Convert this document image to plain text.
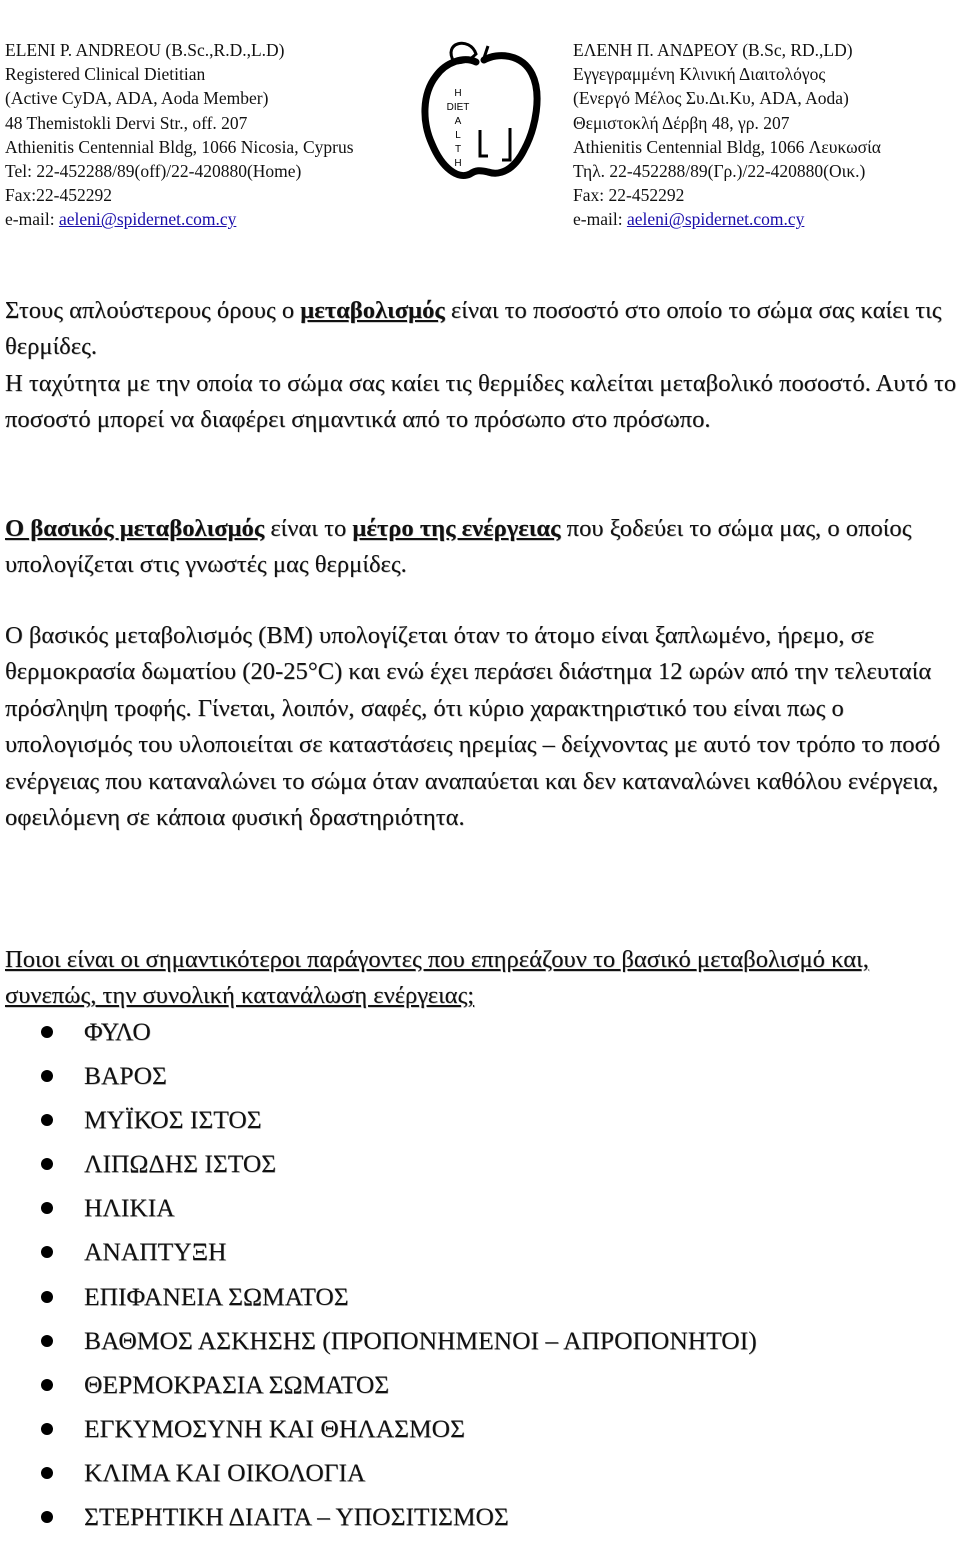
ELENI P. ANDREOU (B.Sc.,R.D.,L.D)
Registered Clinical Dietitian
(Active CyDA, ADA, Aoda Member)
48 Themistokli Dervi Str., off. 207
Athienitis Centennial Bldg, 1066 Nicosia, Cyprus
Tel: 22-452288/89(off)/22-420880(Home)
Fax:22-452292
e-mail: aeleni@spidernet.com.cy
ΕΛΕΝΗ Π. ΑΝΔΡΕΟΥ (B.Sc, RD.,LD)
Εγγεγραμμένη Κλινική Διαιτολόγος
(Ενεργό Μέλος Συ.Δι.Κυ, ADA, Aoda)
Θεμιστοκλή Δέρβη 48, γρ. 207
Athienitis Centennial Bldg, 1066 Λευκωσία
Τηλ. 22-452288/89(Γρ.)/22-420880(Οικ.)
Fax: 22-452292
e-mail: aeleni@spidernet.com.cy
H
DIET
A
L
T
H

Στους απλούστερους όρους ο μεταβολισμός είναι το ποσοστό στο οποίο το σώμα σας καίει τις θερμίδες.

Η ταχύτητα με την οποία το σώμα σας καίει τις θερμίδες καλείται μεταβολικό ποσοστό. Αυτό το ποσοστό μπορεί να διαφέρει σημαντικά από το πρόσωπο στο πρόσωπο.

Ο βασικός μεταβολισμός είναι το μέτρο της ενέργειας που ξοδεύει το σώμα μας, ο οποίος υπολογίζεται στις γνωστές μας θερμίδες.

Ο βασικός μεταβολισμός (ΒΜ) υπολογίζεται όταν το άτομο είναι ξαπλωμένο, ήρεμο, σε θερμοκρασία δωματίου (20-25°C) και ενώ έχει περάσει διάστημα 12 ωρών από την τελευταία πρόσληψη τροφής. Γίνεται, λοιπόν, σαφές, ότι κύριο χαρακτηριστικό του είναι πως ο υπολογισμός του υλοποιείται σε καταστάσεις ηρεμίας – δείχνοντας με αυτό τον τρόπο το ποσό ενέργειας που καταναλώνει το σώμα όταν αναπαύεται και δεν καταναλώνει καθόλου ενέργεια, οφειλόμενη σε κάποια φυσική δραστηριότητα.

Ποιοι είναι οι σημαντικότεροι παράγοντες που επηρεάζουν το βασικό μεταβολισμό και, συνεπώς, την συνολική κατανάλωση ενέργειας;
ΦΥΛΟ
ΒΑΡΟΣ
ΜΥΪΚΟΣ ΙΣΤΟΣ
ΛΙΠΩΔΗΣ ΙΣΤΟΣ
ΗΛΙΚΙΑ
ΑΝΑΠΤΥΞΗ
ΕΠΙΦΑΝΕΙΑ ΣΩΜΑΤΟΣ
ΒΑΘΜΟΣ ΑΣΚΗΣΗΣ (ΠΡΟΠΟΝΗΜΕΝΟΙ – ΑΠΡΟΠΟΝΗΤΟΙ)
ΘΕΡΜΟΚΡΑΣΙΑ ΣΩΜΑΤΟΣ
ΕΓΚΥΜΟΣΥΝΗ ΚΑΙ ΘΗΛΑΣΜΟΣ
ΚΛΙΜΑ ΚΑΙ ΟΙΚΟΛΟΓΙΑ
ΣΤΕΡΗΤΙΚΗ ΔΙΑΙΤΑ – ΥΠΟΣΙΤΙΣΜΟΣ
